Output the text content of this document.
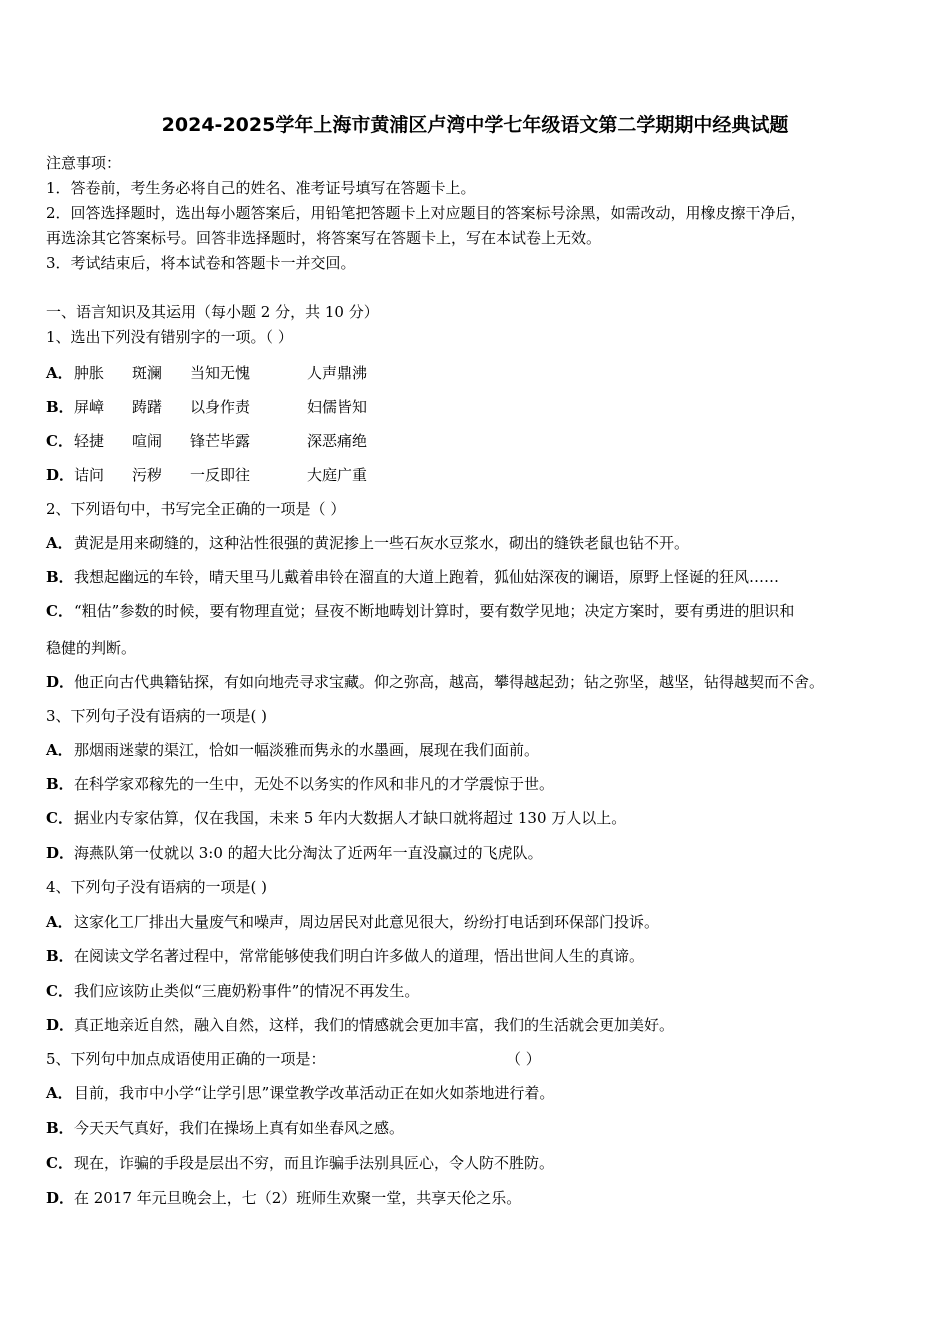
2024-2025学年上海市黄浦区卢湾中学七年级语文第二学期期中经典试题
注意事项：
1．答卷前，考生务必将自己的姓名、准考证号填写在答题卡上。
2．回答选择题时，选出每小题答案后，用铅笔把答题卡上对应题目的答案标号涂黑，如需改动，用橡皮擦干净后，
再选涂其它答案标号。回答非选择题时，将答案写在答题卡上，写在本试卷上无效。
3．考试结束后，将本试卷和答题卡一并交回。
一、语言知识及其运用（每小题 2 分，共 10 分）
1、选出下列没有错别字的一项。（ ）
A．肿胀 斑澜 当知无愧	人声鼎沸
B．屏嶂 踌躇 以身作责	妇儒皆知
C．轻捷 喧闹 锋芒毕露	深恶痛绝
D．诘问 污秽 一反即往	大庭广重
2、下列语句中，书写完全正确的一项是（ ）
A．黄泥是用来砌缝的，这种沾性很强的黄泥掺上一些石灰水豆浆水，砌出的缝铁老鼠也钻不开。
B．我想起幽远的车铃，晴天里马儿戴着串铃在溜直的大道上跑着，狐仙姑深夜的谰语，原野上怪诞的狂风……
C．“粗估”参数的时候，要有物理直觉；昼夜不断地畴划计算时，要有数学见地；决定方案时，要有勇进的胆识和
稳健的判断。
D．他正向古代典籍钻探，有如向地壳寻求宝藏。仰之弥高，越高，攀得越起劲；钻之弥坚，越坚，钻得越契而不舍。
3、下列句子没有语病的一项是( )
A．那烟雨迷蒙的渠江，恰如一幅淡雅而隽永的水墨画，展现在我们面前。
B．在科学家邓稼先的一生中，无处不以务实的作风和非凡的才学震惊于世。
C．据业内专家估算，仅在我国，未来 5 年内大数据人才缺口就将超过 130 万人以上。
D．海燕队第一仗就以 3:0 的超大比分淘汰了近两年一直没赢过的飞虎队。
4、下列句子没有语病的一项是( )
A．这家化工厂排出大量废气和噪声，周边居民对此意见很大，纷纷打电话到环保部门投诉。
B．在阅读文学名著过程中，常常能够使我们明白许多做人的道理，悟出世间人生的真谛。
C．我们应该防止类似“三鹿奶粉事件”的情况不再发生。
D．真正地亲近自然，融入自然，这样，我们的情感就会更加丰富，我们的生活就会更加美好。
5、下列句中加点成语使用正确的一项是：	（ ）
A．目前，我市中小学“让学引思”课堂教学改革活动正在如火如荼地进行着。
B．今天天气真好，我们在操场上真有如坐春风之感。
C．现在，诈骗的手段是层出不穷，而且诈骗手法别具匠心，令人防不胜防。
D．在 2017 年元旦晚会上，七（2）班师生欢聚一堂，共享天伦之乐。
